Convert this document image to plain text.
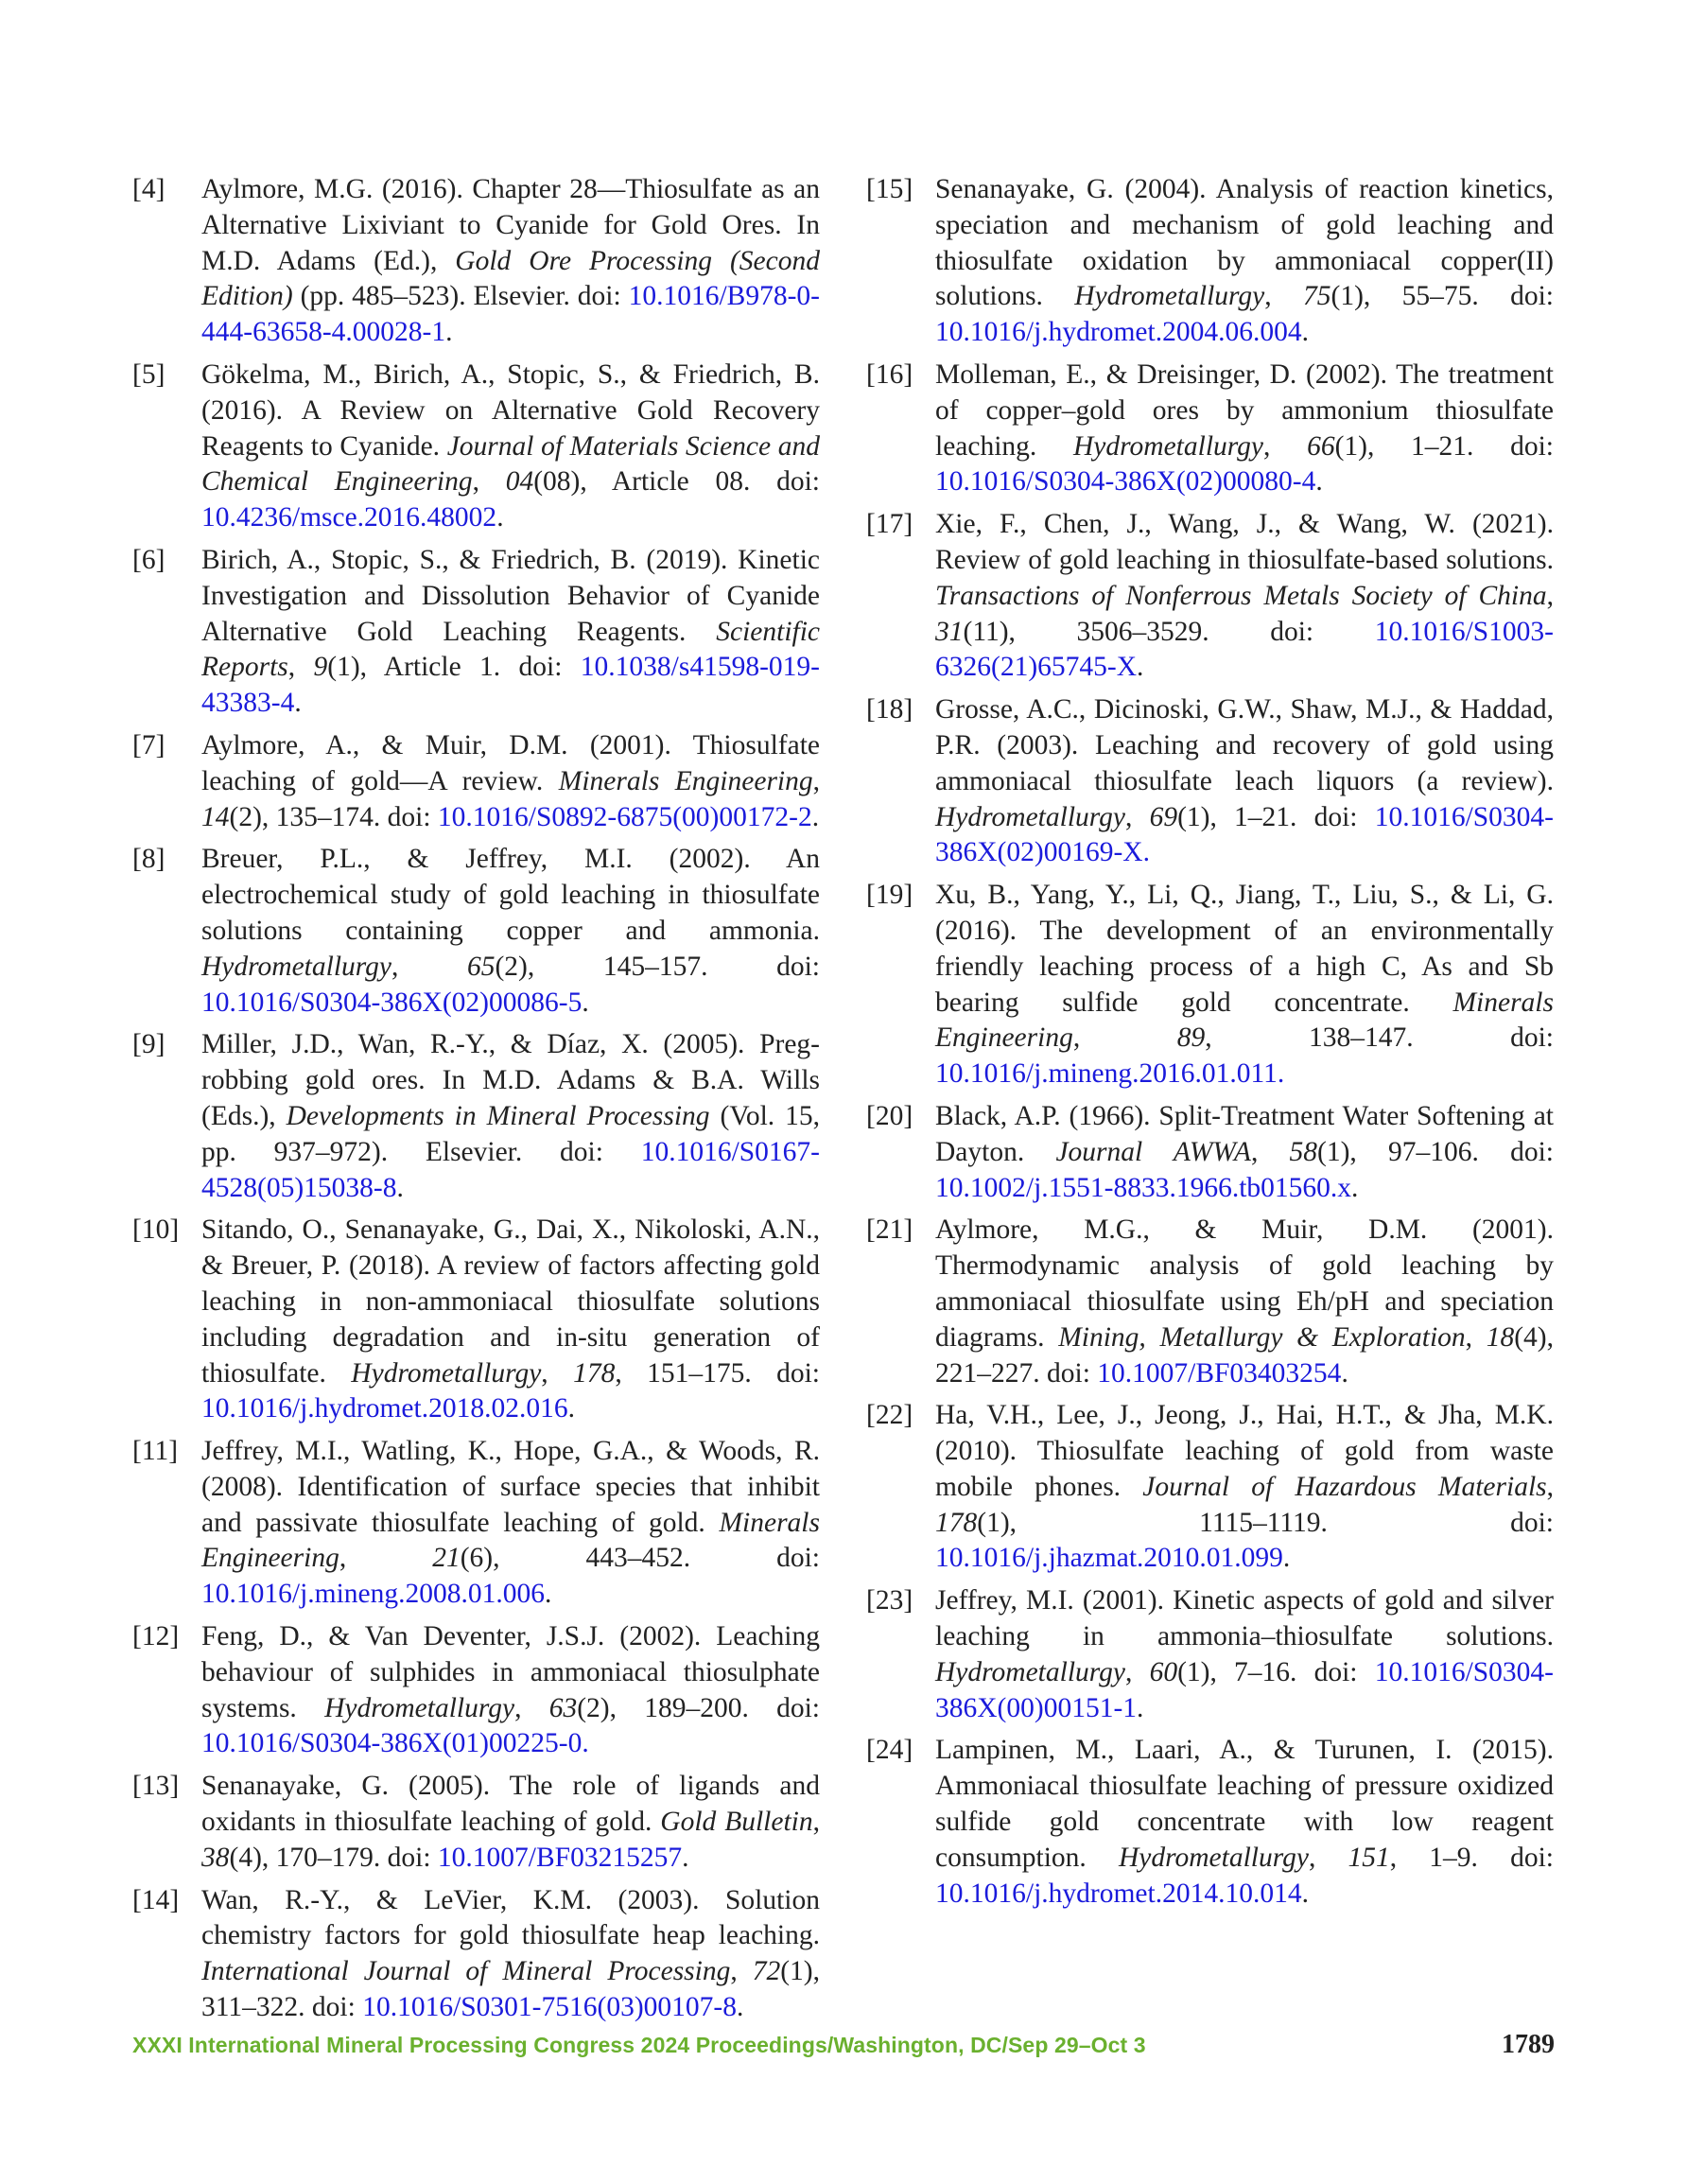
[4]	Aylmore, M.G. (2016). Chapter 28—Thiosulfate as an Alternative Lixiviant to Cyanide for Gold Ores. In M.D. Adams (Ed.), Gold Ore Processing (Second Edition) (pp. 485–523). Elsevier. doi: 10.1016/B978-0-444-63658-4.00028-1.
[5]	Gökelma, M., Birich, A., Stopic, S., & Friedrich, B. (2016). A Review on Alternative Gold Recovery Reagents to Cyanide. Journal of Materials Science and Chemical Engineering, 04(08), Article 08. doi: 10.4236/msce.2016.48002.
[6]	Birich, A., Stopic, S., & Friedrich, B. (2019). Kinetic Investigation and Dissolution Behavior of Cyanide Alternative Gold Leaching Reagents. Scientific Reports, 9(1), Article 1. doi: 10.1038/s41598-019-43383-4.
[7]	Aylmore, A., & Muir, D.M. (2001). Thiosulfate leaching of gold—A review. Minerals Engineering, 14(2), 135–174. doi: 10.1016/S0892-6875(00)00172-2.
[8]	Breuer, P.L., & Jeffrey, M.I. (2002). An electrochemical study of gold leaching in thiosulfate solutions containing copper and ammonia. Hydrometallurgy, 65(2), 145–157. doi: 10.1016/S0304-386X(02)00086-5.
[9]	Miller, J.D., Wan, R.-Y., & Díaz, X. (2005). Preg-robbing gold ores. In M.D. Adams & B.A. Wills (Eds.), Developments in Mineral Processing (Vol. 15, pp. 937–972). Elsevier. doi: 10.1016/S0167-4528(05)15038-8.
[10] Sitando, O., Senanayake, G., Dai, X., Nikoloski, A.N., & Breuer, P. (2018). A review of factors affecting gold leaching in non-ammoniacal thiosulfate solutions including degradation and in-situ generation of thiosulfate. Hydrometallurgy, 178, 151–175. doi: 10.1016/j.hydromet.2018.02.016.
[11] Jeffrey, M.I., Watling, K., Hope, G.A., & Woods, R. (2008). Identification of surface species that inhibit and passivate thiosulfate leaching of gold. Minerals Engineering, 21(6), 443–452. doi: 10.1016/j.mineng.2008.01.006.
[12] Feng, D., & Van Deventer, J.S.J. (2002). Leaching behaviour of sulphides in ammoniacal thiosulphate systems. Hydrometallurgy, 63(2), 189–200. doi: 10.1016/S0304-386X(01)00225-0.
[13] Senanayake, G. (2005). The role of ligands and oxidants in thiosulfate leaching of gold. Gold Bulletin, 38(4), 170–179. doi: 10.1007/BF03215257.
[14] Wan, R.-Y., & LeVier, K.M. (2003). Solution chemistry factors for gold thiosulfate heap leaching. International Journal of Mineral Processing, 72(1), 311–322. doi: 10.1016/S0301-7516(03)00107-8.
[15] Senanayake, G. (2004). Analysis of reaction kinetics, speciation and mechanism of gold leaching and thiosulfate oxidation by ammoniacal copper(II) solutions. Hydrometallurgy, 75(1), 55–75. doi: 10.1016/j.hydromet.2004.06.004.
[16] Molleman, E., & Dreisinger, D. (2002). The treatment of copper–gold ores by ammonium thiosulfate leaching. Hydrometallurgy, 66(1), 1–21. doi: 10.1016/S0304-386X(02)00080-4.
[17] Xie, F., Chen, J., Wang, J., & Wang, W. (2021). Review of gold leaching in thiosulfate-based solutions. Transactions of Nonferrous Metals Society of China, 31(11), 3506–3529. doi: 10.1016/S1003-6326(21)65745-X.
[18] Grosse, A.C., Dicinoski, G.W., Shaw, M.J., & Haddad, P.R. (2003). Leaching and recovery of gold using ammoniacal thiosulfate leach liquors (a review). Hydrometallurgy, 69(1), 1–21. doi: 10.1016/S0304-386X(02)00169-X.
[19] Xu, B., Yang, Y., Li, Q., Jiang, T., Liu, S., & Li, G. (2016). The development of an environmentally friendly leaching process of a high C, As and Sb bearing sulfide gold concentrate. Minerals Engineering, 89, 138–147. doi: 10.1016/j.mineng.2016.01.011.
[20] Black, A.P. (1966). Split-Treatment Water Softening at Dayton. Journal AWWA, 58(1), 97–106. doi: 10.1002/j.1551-8833.1966.tb01560.x.
[21] Aylmore, M.G., & Muir, D.M. (2001). Thermodynamic analysis of gold leaching by ammoniacal thiosulfate using Eh/pH and speciation diagrams. Mining, Metallurgy & Exploration, 18(4), 221–227. doi: 10.1007/BF03403254.
[22] Ha, V.H., Lee, J., Jeong, J., Hai, H.T., & Jha, M.K. (2010). Thiosulfate leaching of gold from waste mobile phones. Journal of Hazardous Materials, 178(1), 1115–1119. doi: 10.1016/j.jhazmat.2010.01.099.
[23] Jeffrey, M.I. (2001). Kinetic aspects of gold and silver leaching in ammonia–thiosulfate solutions. Hydrometallurgy, 60(1), 7–16. doi: 10.1016/S0304-386X(00)00151-1.
[24] Lampinen, M., Laari, A., & Turunen, I. (2015). Ammoniacal thiosulfate leaching of pressure oxidized sulfide gold concentrate with low reagent consumption. Hydrometallurgy, 151, 1–9. doi: 10.1016/j.hydromet.2014.10.014.
XXXI International Mineral Processing Congress 2024 Proceedings/Washington, DC/Sep 29–Oct 3	1789
